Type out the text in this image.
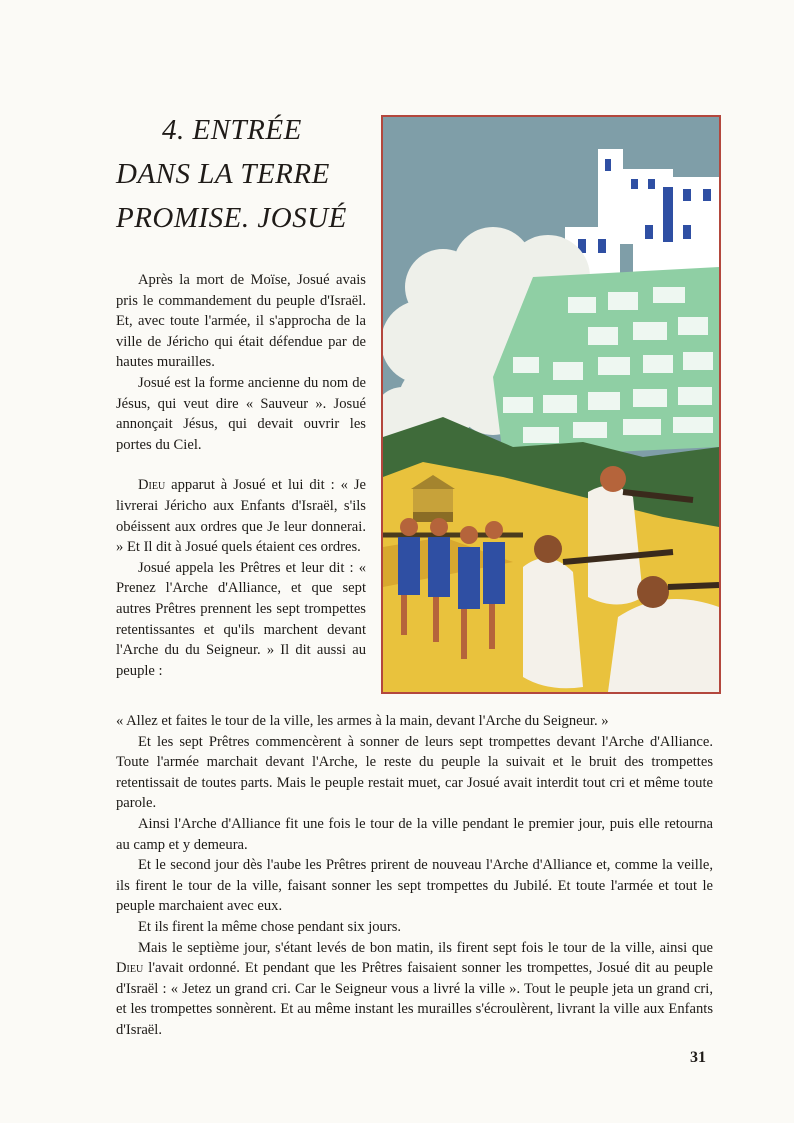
4. ENTRÉE
DANS LA TERRE
PROMISE. JOSUÉ

Après la mort de Moïse, Josué avais pris le commandement du peuple d'Israël. Et, avec toute l'armée, il s'approcha de la ville de Jéricho qui était défendue par de hautes murailles.

Josué est la forme ancienne du nom de Jésus, qui veut dire « Sauveur ». Josué annonçait Jésus, qui devait ouvrir les portes du Ciel.

Dieu apparut à Josué et lui dit : « Je livrerai Jéricho aux Enfants d'Israël, s'ils obéissent aux ordres que Je leur donnerai. » Et Il dit à Josué quels étaient ces ordres.

Josué appela les Prêtres et leur dit : « Prenez l'Arche d'Alliance, et que sept autres Prêtres prennent les sept trompettes retentissantes et qu'ils marchent devant l'Arche du du Seigneur. » Il dit aussi au peuple :

« Allez et faites le tour de la ville, les armes à la main, devant l'Arche du Seigneur. »

Et les sept Prêtres commencèrent à sonner de leurs sept trompettes devant l'Arche d'Alliance. Toute l'armée marchait devant l'Arche, le reste du peuple la suivait et le bruit des trompettes retentissait de toutes parts. Mais le peuple restait muet, car Josué avait interdit tout cri et même toute parole.

Ainsi l'Arche d'Alliance fit une fois le tour de la ville pendant le premier jour, puis elle retourna au camp et y demeura.

Et le second jour dès l'aube les Prêtres prirent de nouveau l'Arche d'Alliance et, comme la veille, ils firent le tour de la ville, faisant sonner les sept trompettes du Jubilé. Et toute l'armée et tout le peuple marchaient avec eux.

Et ils firent la même chose pendant six jours.

Mais le septième jour, s'étant levés de bon matin, ils firent sept fois le tour de la ville, ainsi que Dieu l'avait ordonné. Et pendant que les Prêtres faisaient sonner les trompettes, Josué dit au peuple d'Israël : « Jetez un grand cri. Car le Seigneur vous a livré la ville ». Tout le peuple jeta un grand cri, et les trompettes sonnèrent. Et au même instant les murailles s'écroulèrent, livrant la ville aux Enfants d'Israël.

31
